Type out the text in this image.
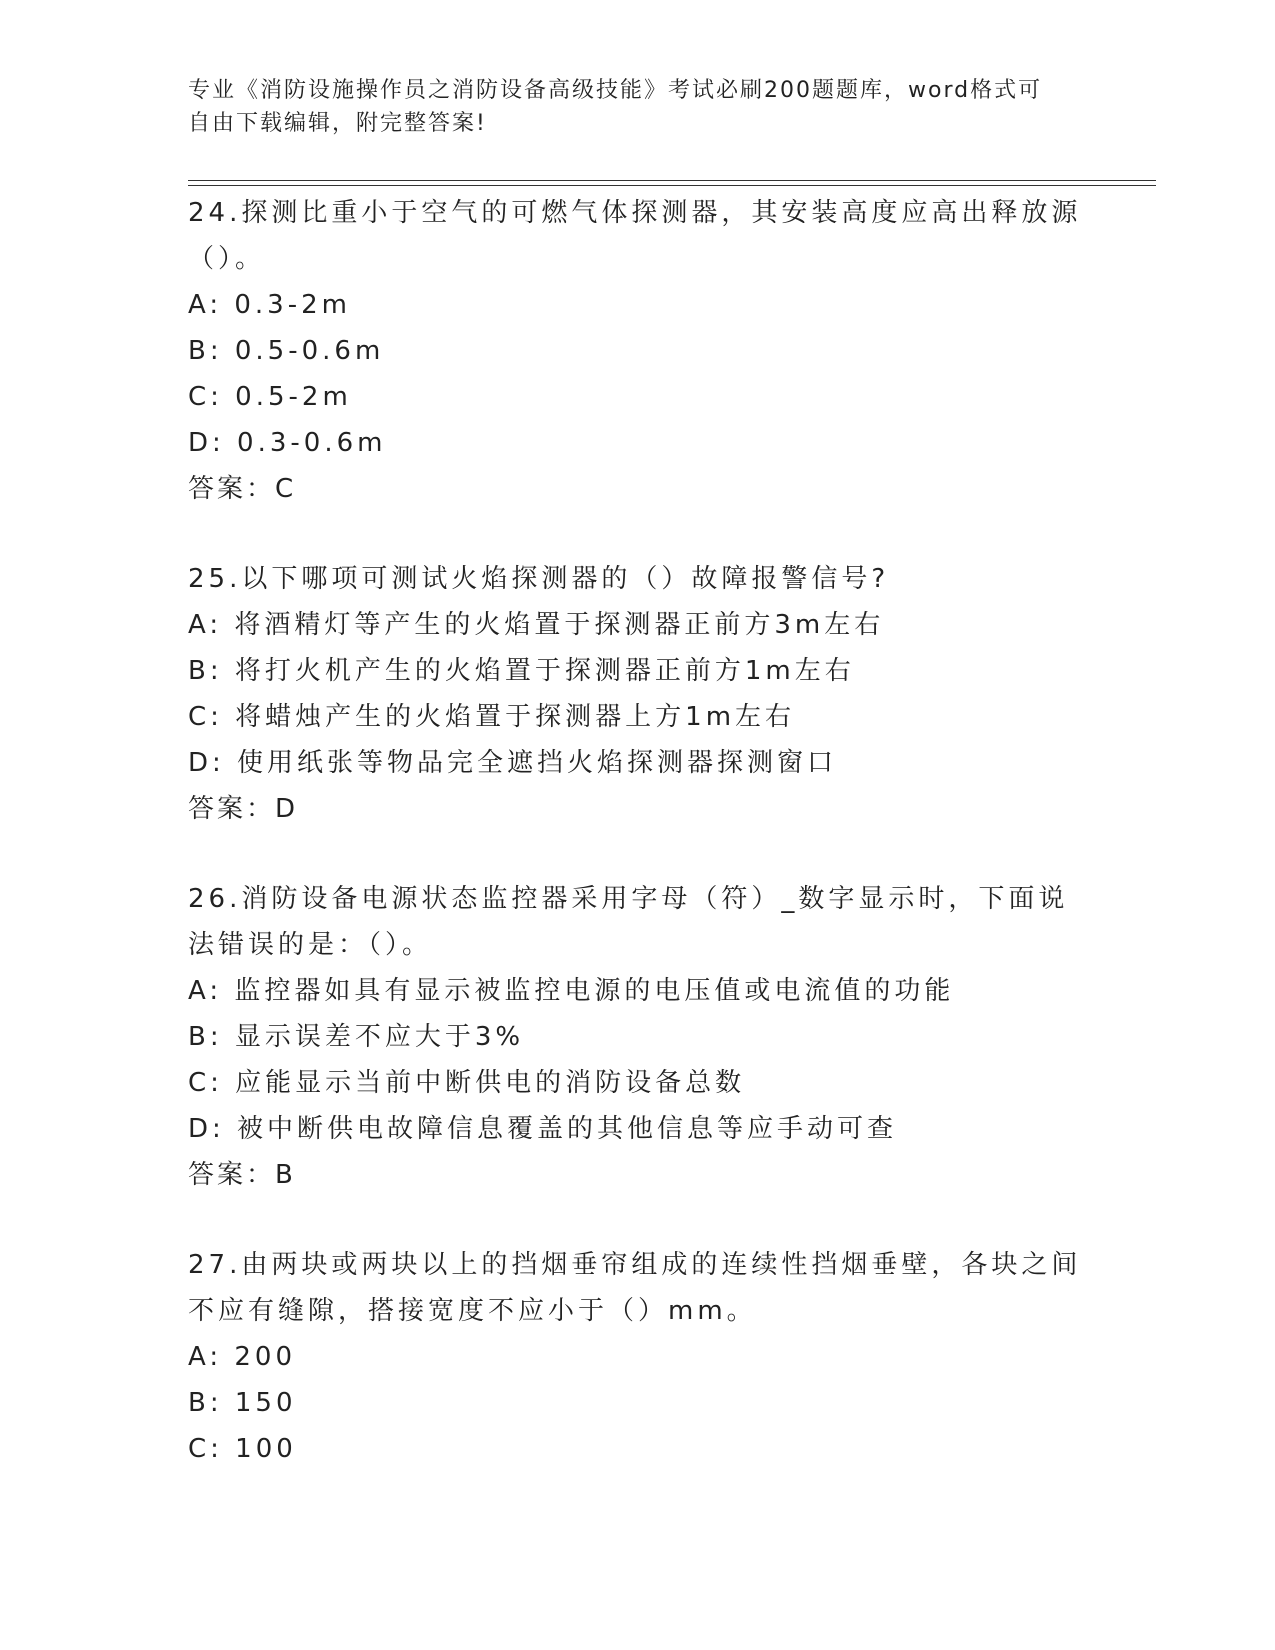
专业《消防设施操作员之消防设备高级技能》考试必刷200题题库，word格式可
自由下载编辑，附完整答案!
24.探测比重小于空气的可燃气体探测器，其安装高度应高出释放源（）。
A: 0.3-2m
B: 0.5-0.6m
C: 0.5-2m
D: 0.3-0.6m
答案：C
25.以下哪项可测试火焰探测器的（）故障报警信号?
A: 将酒精灯等产生的火焰置于探测器正前方3m左右
B: 将打火机产生的火焰置于探测器正前方1m左右
C: 将蜡烛产生的火焰置于探测器上方1m左右
D: 使用纸张等物品完全遮挡火焰探测器探测窗口
答案：D
26.消防设备电源状态监控器采用字母（符）_数字显示时，下面说法错误的是：（）。
A: 监控器如具有显示被监控电源的电压值或电流值的功能
B: 显示误差不应大于3%
C: 应能显示当前中断供电的消防设备总数
D: 被中断供电故障信息覆盖的其他信息等应手动可查
答案：B
27.由两块或两块以上的挡烟垂帘组成的连续性挡烟垂壁，各块之间不应有缝隙，搭接宽度不应小于（）mm。
A: 200
B: 150
C: 100
